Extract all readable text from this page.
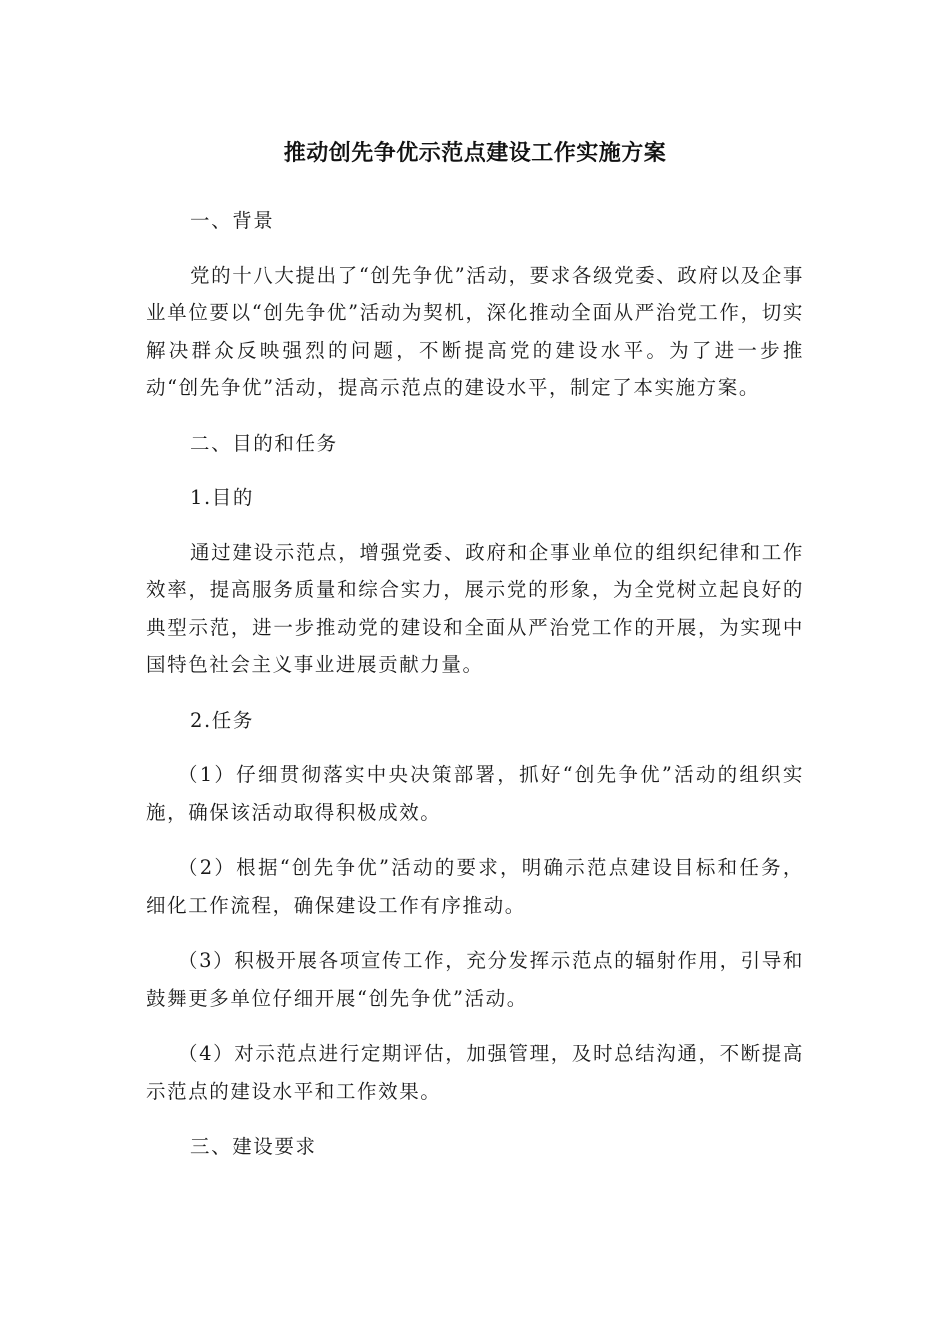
推动创先争优示范点建设工作实施方案

一、背景

党的十八大提出了“创先争优”活动，要求各级党委、政府以及企事业单位要以“创先争优”活动为契机，深化推动全面从严治党工作，切实解决群众反映强烈的问题，不断提高党的建设水平。为了进一步推动“创先争优”活动，提高示范点的建设水平，制定了本实施方案。

二、目的和任务

1.目的

通过建设示范点，增强党委、政府和企事业单位的组织纪律和工作效率，提高服务质量和综合实力，展示党的形象，为全党树立起良好的典型示范，进一步推动党的建设和全面从严治党工作的开展，为实现中国特色社会主义事业进展贡献力量。

2.任务

（1）仔细贯彻落实中央决策部署，抓好“创先争优”活动的组织实施，确保该活动取得积极成效。

（2）根据“创先争优”活动的要求，明确示范点建设目标和任务，细化工作流程，确保建设工作有序推动。

（3）积极开展各项宣传工作，充分发挥示范点的辐射作用，引导和鼓舞更多单位仔细开展“创先争优”活动。

（4）对示范点进行定期评估，加强管理，及时总结沟通，不断提高示范点的建设水平和工作效果。

三、建设要求
